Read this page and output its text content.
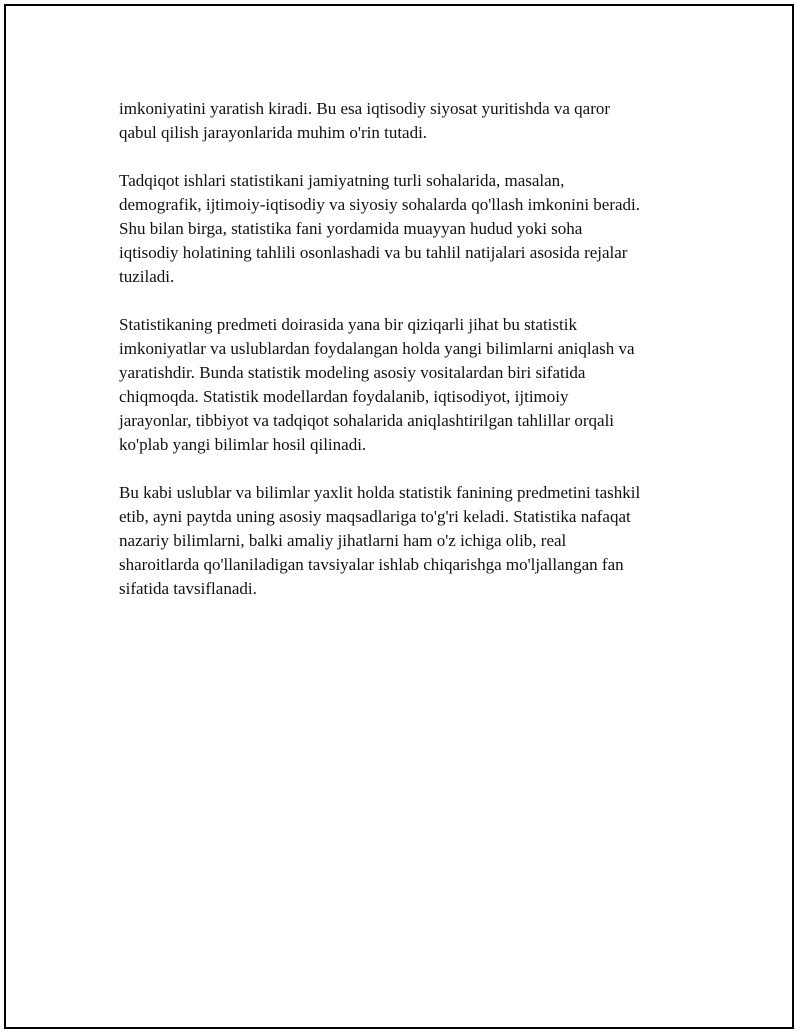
imkoniyatini yaratish kiradi. Bu esa iqtisodiy siyosat yuritishda va qaror
qabul qilish jarayonlarida muhim o'rin tutadi.

Tadqiqot ishlari statistikani jamiyatning turli sohalarida, masalan,
demografik, ijtimoiy-iqtisodiy va siyosiy sohalarda qo'llash imkonini beradi.
Shu bilan birga, statistika fani yordamida muayyan hudud yoki soha
iqtisodiy holatining tahlili osonlashadi va bu tahlil natijalari asosida rejalar
tuziladi.

Statistikaning predmeti doirasida yana bir qiziqarli jihat bu statistik
imkoniyatlar va uslublardan foydalangan holda yangi bilimlarni aniqlash va
yaratishdir. Bunda statistik modeling asosiy vositalardan biri sifatida
chiqmoqda. Statistik modellardan foydalanib, iqtisodiyot, ijtimoiy
jarayonlar, tibbiyot va tadqiqot sohalarida aniqlashtirilgan tahlillar orqali
ko'plab yangi bilimlar hosil qilinadi.

Bu kabi uslublar va bilimlar yaxlit holda statistik fanining predmetini tashkil
etib, ayni paytda uning asosiy maqsadlariga to'g'ri keladi. Statistika nafaqat
nazariy bilimlarni, balki amaliy jihatlarni ham o'z ichiga olib, real
sharoitlarda qo'llaniladigan tavsiyalar ishlab chiqarishga mo'ljallangan fan
sifatida tavsiflanadi.
